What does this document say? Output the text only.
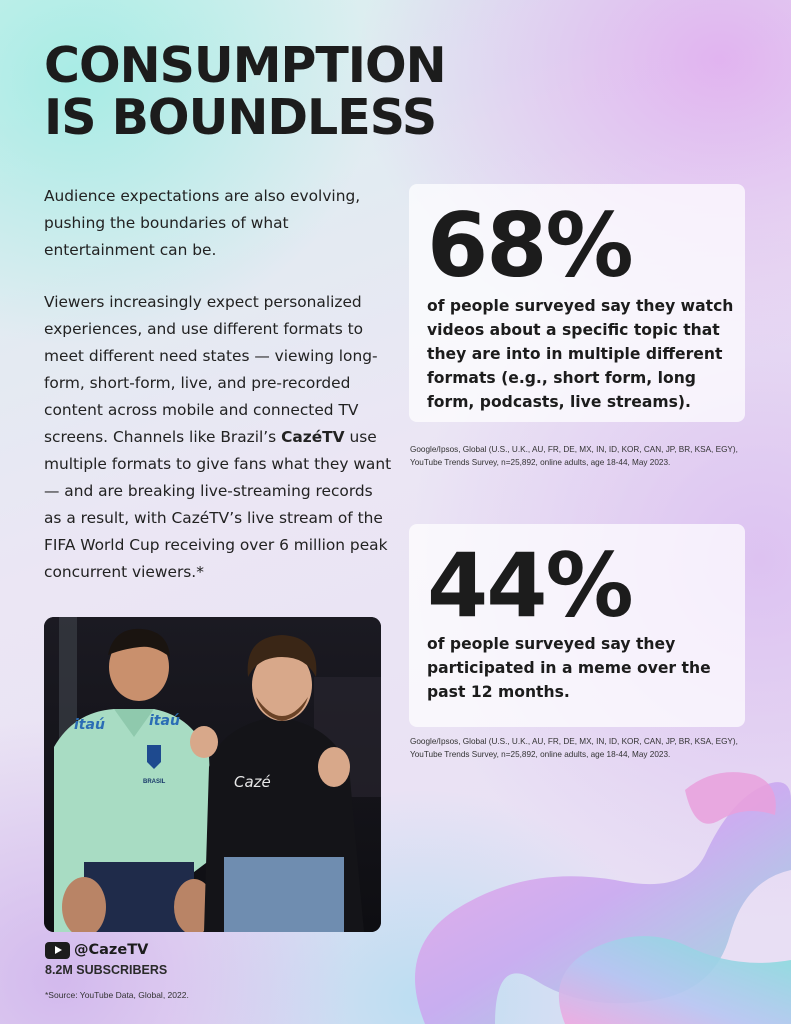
CONSUMPTION
IS BOUNDLESS

Audience expectations are also evolving, pushing the boundaries of what entertainment can be.

Viewers increasingly expect personalized experiences, and use different formats to meet different need states — viewing long-form, short-form, live, and pre-recorded content across mobile and connected TV screens. Channels like Brazil’s CazéTV use multiple formats to give fans what they want — and are breaking live-streaming records as a result, with CazéTV’s live stream of the FIFA World Cup receiving over 6 million peak concurrent viewers.*

68%
of people surveyed say they watch videos about a specific topic that they are into in multiple different formats (e.g., short form, long form, podcasts, live streams).
Google/Ipsos, Global (U.S., U.K., AU, FR, DE, MX, IN, ID, KOR, CAN, JP, BR, KSA, EGY), YouTube Trends Survey, n=25,892, online adults, age 18-44, May 2023.
44%
of people surveyed say they participated in a meme over the past 12 months.
Google/Ipsos, Global (U.S., U.K., AU, FR, DE, MX, IN, ID, KOR, CAN, JP, BR, KSA, EGY), YouTube Trends Survey, n=25,892, online adults, age 18-44, May 2023.
itaú	itaú
BRASIL	Cazé
@CazeTV
8.2M SUBSCRIBERS
*Source: YouTube Data, Global, 2022.
